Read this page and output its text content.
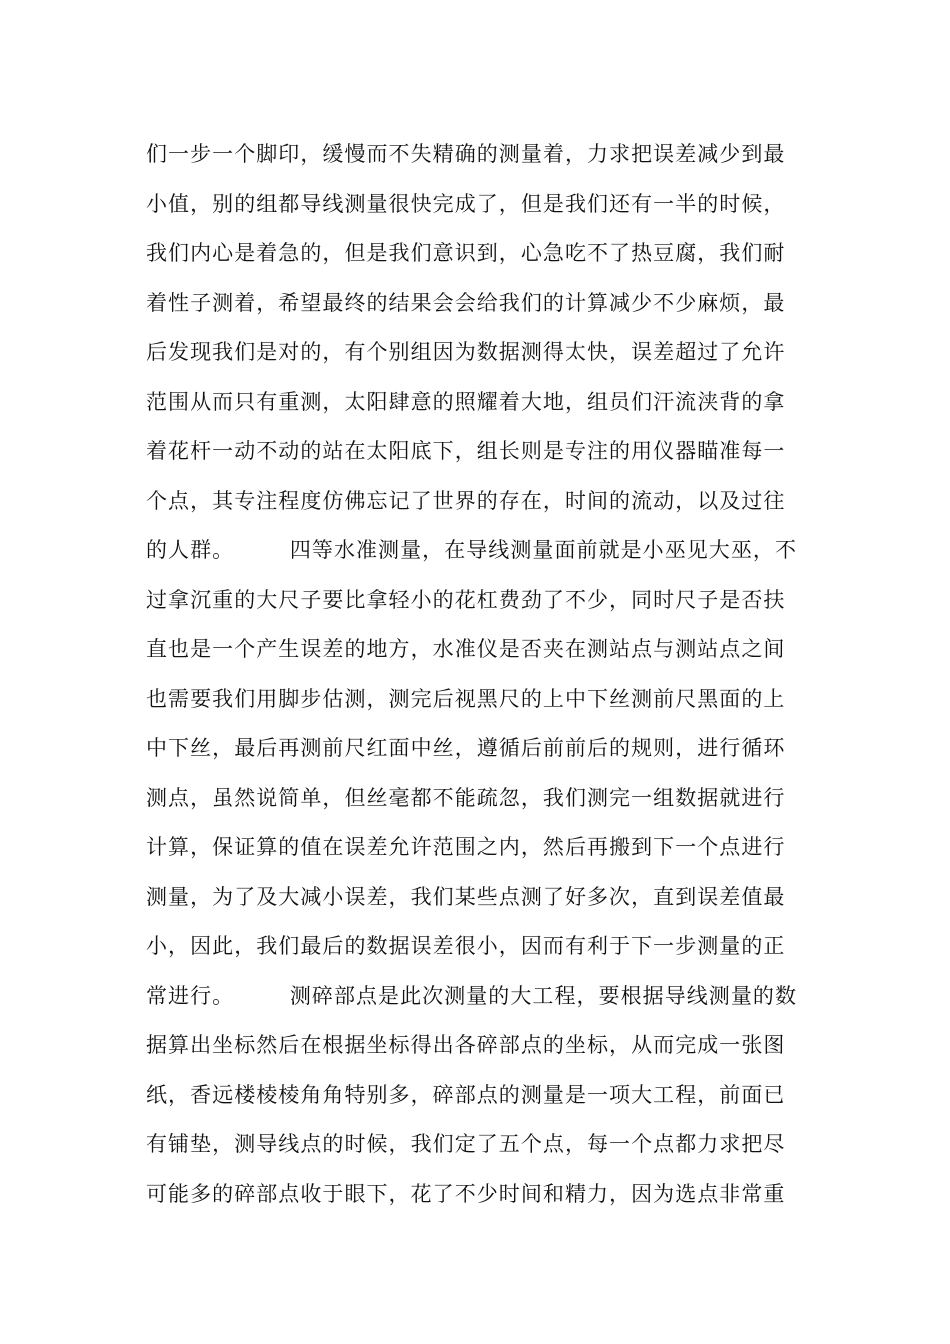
们一步一个脚印，缓慢而不失精确的测量着，力求把误差减少到最
小值，别的组都导线测量很快完成了，但是我们还有一半的时候，
我们内心是着急的，但是我们意识到，心急吃不了热豆腐，我们耐
着性子测着，希望最终的结果会会给我们的计算减少不少麻烦，最
后发现我们是对的，有个别组因为数据测得太快，误差超过了允许
范围从而只有重测，太阳肆意的照耀着大地，组员们汗流浃背的拿
着花杆一动不动的站在太阳底下，组长则是专注的用仪器瞄准每一
个点，其专注程度仿佛忘记了世界的存在，时间的流动，以及过往
的人群。　　　四等水准测量，在导线测量面前就是小巫见大巫，不
过拿沉重的大尺子要比拿轻小的花杠费劲了不少，同时尺子是否扶
直也是一个产生误差的地方，水准仪是否夹在测站点与测站点之间
也需要我们用脚步估测，测完后视黑尺的上中下丝测前尺黑面的上
中下丝，最后再测前尺红面中丝，遵循后前前后的规则，进行循环
测点，虽然说简单，但丝毫都不能疏忽，我们测完一组数据就进行
计算，保证算的值在误差允许范围之内，然后再搬到下一个点进行
测量，为了及大减小误差，我们某些点测了好多次，直到误差值最
小，因此，我们最后的数据误差很小，因而有利于下一步测量的正
常进行。　　　测碎部点是此次测量的大工程，要根据导线测量的数
据算出坐标然后在根据坐标得出各碎部点的坐标，从而完成一张图
纸，香远楼棱棱角角特别多，碎部点的测量是一项大工程，前面已
有铺垫，测导线点的时候，我们定了五个点，每一个点都力求把尽
可能多的碎部点收于眼下，花了不少时间和精力，因为选点非常重
